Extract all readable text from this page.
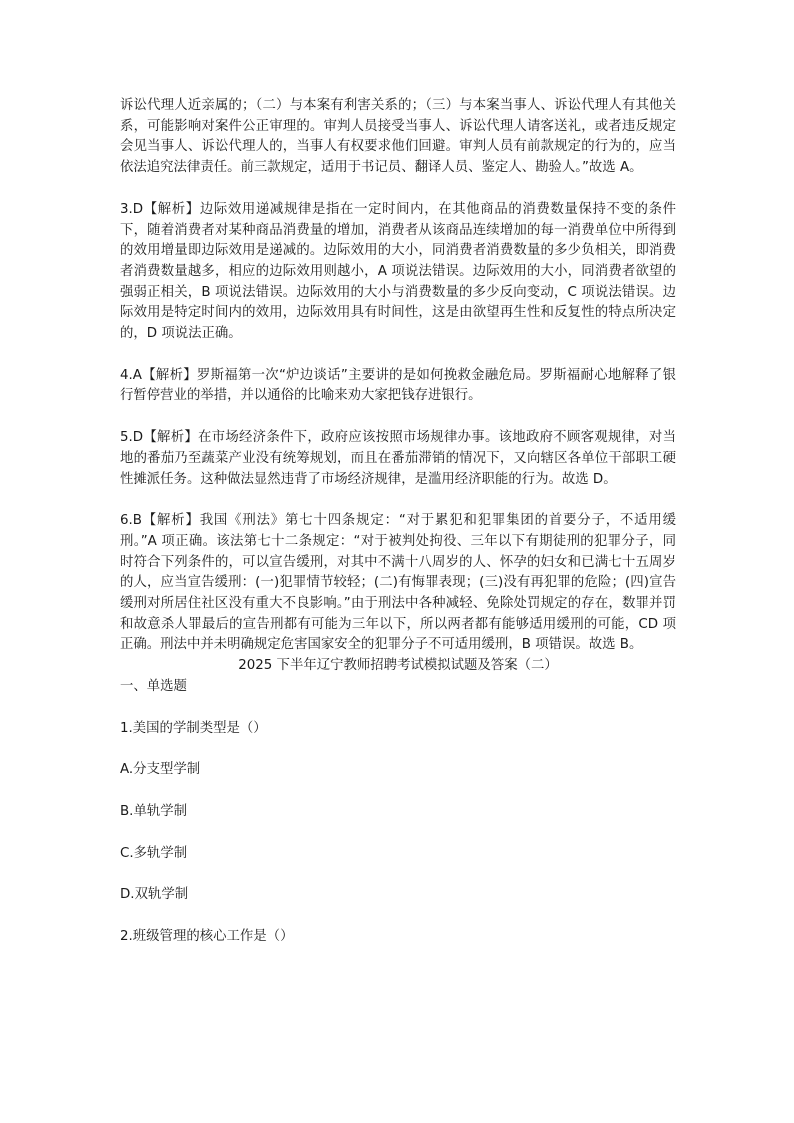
诉讼代理人近亲属的；（二）与本案有利害关系的；（三）与本案当事人、诉讼代理人有其他关系，可能影响对案件公正审理的。审判人员接受当事人、诉讼代理人请客送礼，或者违反规定会见当事人、诉讼代理人的，当事人有权要求他们回避。审判人员有前款规定的行为的，应当依法追究法律责任。前三款规定，适用于书记员、翻译人员、鉴定人、勘验人。”故选 A。

3.D【解析】边际效用递减规律是指在一定时间内，在其他商品的消费数量保持不变的条件下，随着消费者对某种商品消费量的增加，消费者从该商品连续增加的每一消费单位中所得到的效用增量即边际效用是递减的。边际效用的大小，同消费者消费数量的多少负相关，即消费者消费数量越多，相应的边际效用则越小，A 项说法错误。边际效用的大小，同消费者欲望的强弱正相关，B 项说法错误。边际效用的大小与消费数量的多少反向变动，C 项说法错误。边际效用是特定时间内的效用，边际效用具有时间性，这是由欲望再生性和反复性的特点所决定的，D 项说法正确。

4.A【解析】罗斯福第一次“炉边谈话”主要讲的是如何挽救金融危局。罗斯福耐心地解释了银行暂停营业的举措，并以通俗的比喻来劝大家把钱存进银行。

5.D【解析】在市场经济条件下，政府应该按照市场规律办事。该地政府不顾客观规律，对当地的番茄乃至蔬菜产业没有统筹规划，而且在番茄滞销的情况下，又向辖区各单位干部职工硬性摊派任务。这种做法显然违背了市场经济规律，是滥用经济职能的行为。故选 D。

6.B【解析】我国《刑法》第七十四条规定：“对于累犯和犯罪集团的首要分子，不适用缓刑。”A 项正确。该法第七十二条规定：“对于被判处拘役、三年以下有期徒刑的犯罪分子，同时符合下列条件的，可以宣告缓刑，对其中不满十八周岁的人、怀孕的妇女和已满七十五周岁的人，应当宣告缓刑：(一)犯罪情节较轻；(二)有悔罪表现；(三)没有再犯罪的危险；(四)宣告缓刑对所居住社区没有重大不良影响。”由于刑法中各种减轻、免除处罚规定的存在，数罪并罚和故意杀人罪最后的宣告刑都有可能为三年以下，所以两者都有能够适用缓刑的可能，CD 项正确。刑法中并未明确规定危害国家安全的犯罪分子不可适用缓刑，B 项错误。故选 B。

2025 下半年辽宁教师招聘考试模拟试题及答案（二）

一、单选题

1.美国的学制类型是（）

A.分支型学制

B.单轨学制

C.多轨学制

D.双轨学制

2.班级管理的核心工作是（）
